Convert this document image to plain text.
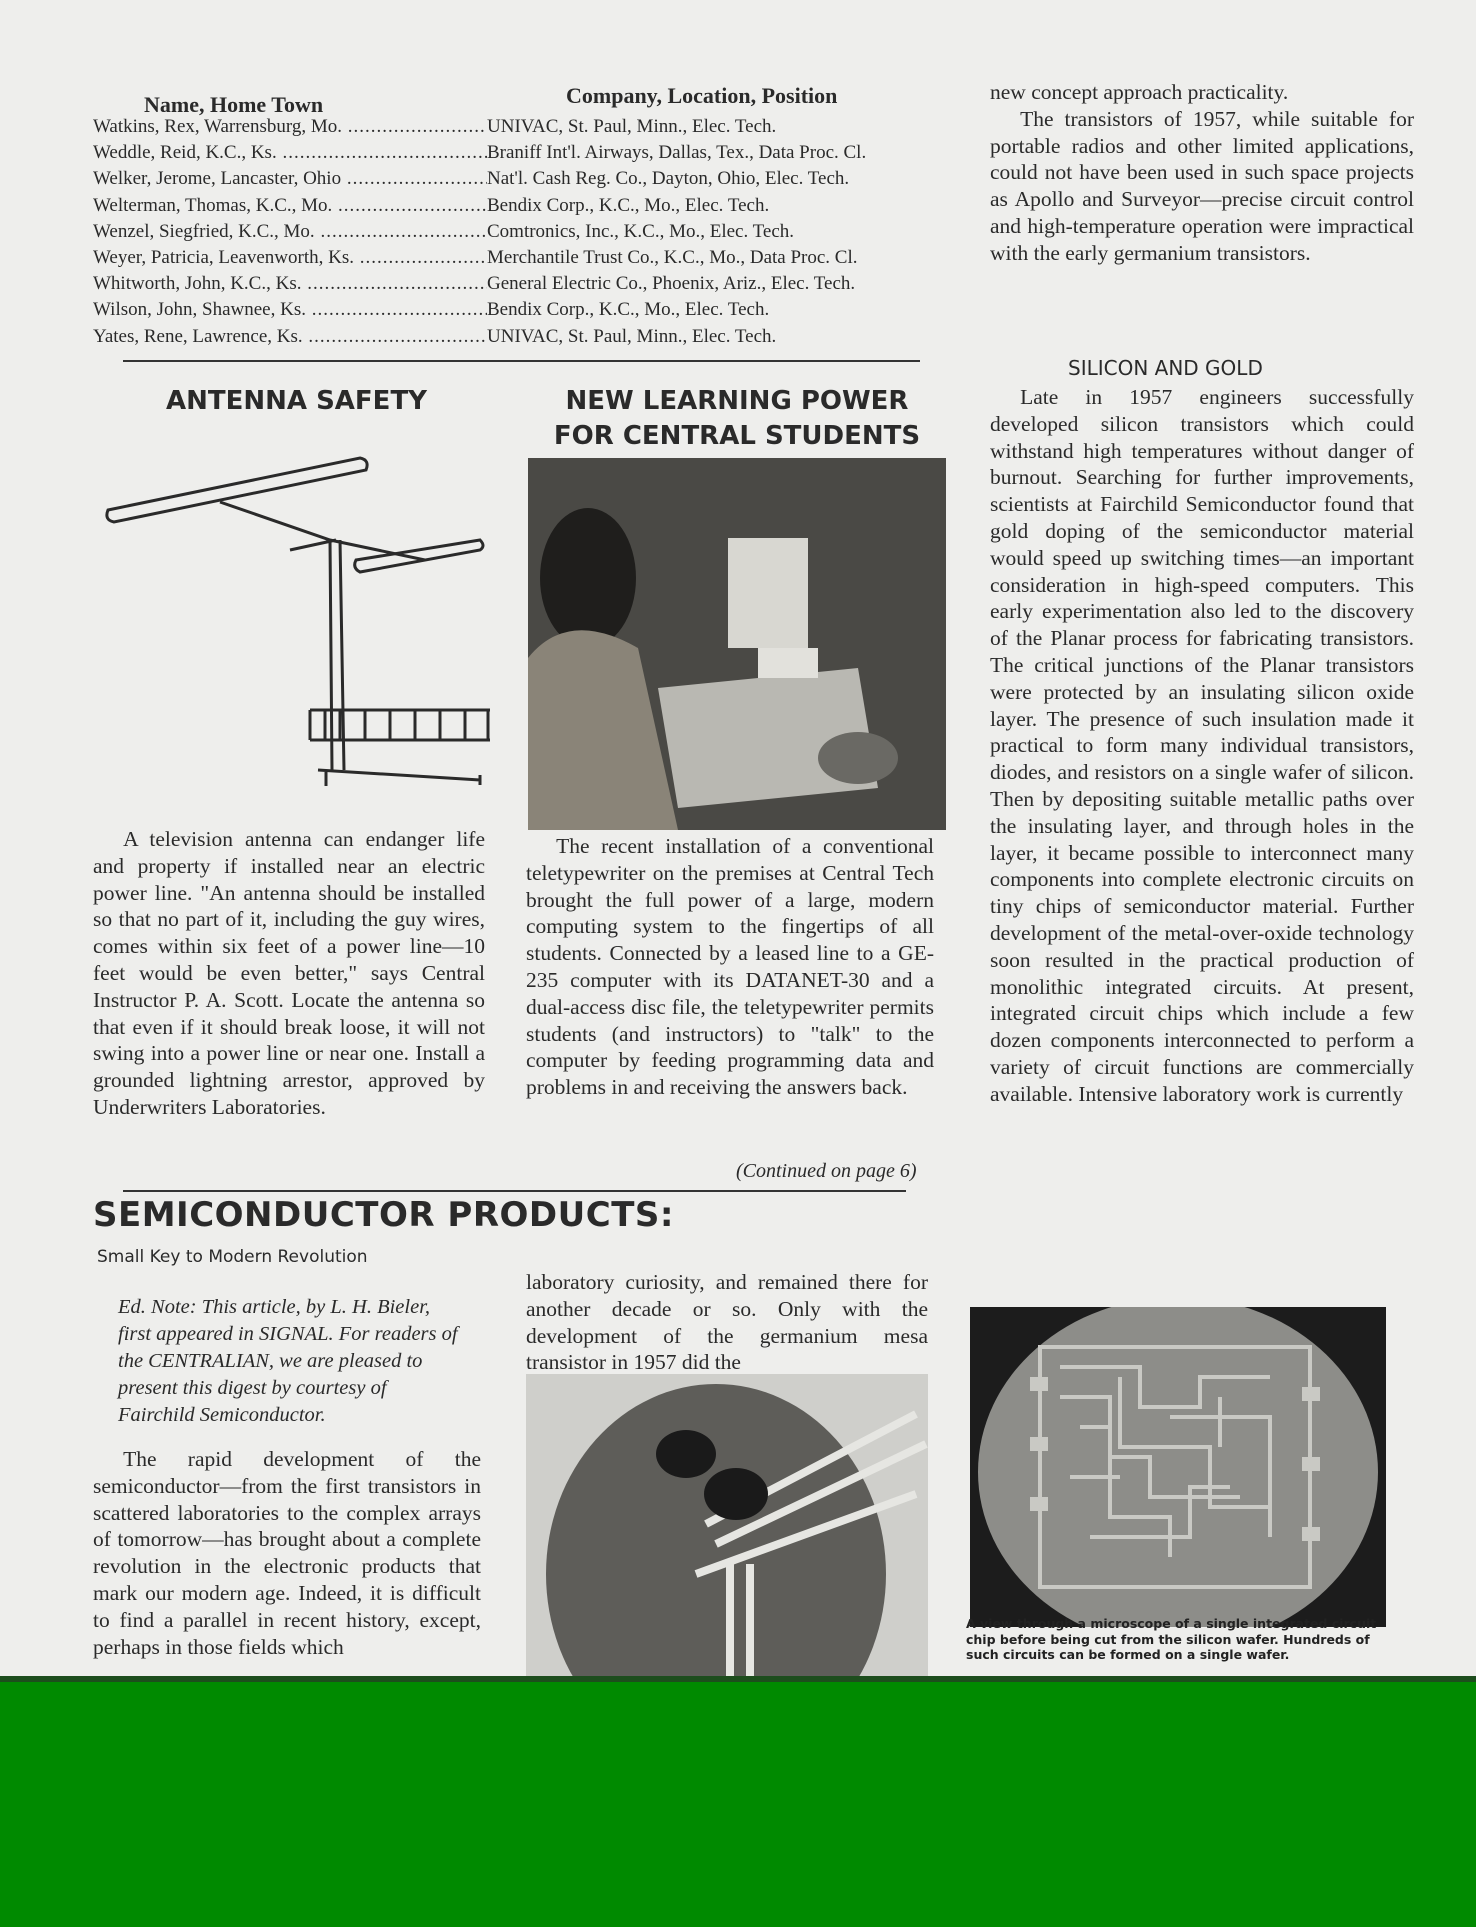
Name, Home Town	Company, Location, Position
Watkins, Rex, Warrensburg, Mo. .....	UNIVAC, St. Paul, Minn., Elec. Tech.
Weddle, Reid, K.C., Ks. .....	Braniff Int'l. Airways, Dallas, Tex., Data Proc. Cl.
Welker, Jerome, Lancaster, Ohio .....	Nat'l. Cash Reg. Co., Dayton, Ohio, Elec. Tech.
Welterman, Thomas, K.C., Mo. .....	Bendix Corp., K.C., Mo., Elec. Tech.
Wenzel, Siegfried, K.C., Mo. .....	Comtronics, Inc., K.C., Mo., Elec. Tech.
Weyer, Patricia, Leavenworth, Ks. .....	Merchantile Trust Co., K.C., Mo., Data Proc. Cl.
Whitworth, John, K.C., Ks. .....	General Electric Co., Phoenix, Ariz., Elec. Tech.
Wilson, John, Shawnee, Ks. .....	Bendix Corp., K.C., Mo., Elec. Tech.
Yates, Rene, Lawrence, Ks. .....	UNIVAC, St. Paul, Minn., Elec. Tech.

new concept approach practicality.

The transistors of 1957, while suitable for portable radios and other limited applications, could not have been used in such space projects as Apollo and Surveyor—precise circuit control and high-temperature operation were impractical with the early germanium transistors.

SILICON AND GOLD

Late in 1957 engineers successfully developed silicon transistors which could withstand high temperatures without danger of burnout. Searching for further improvements, scientists at Fairchild Semiconductor found that gold doping of the semiconductor material would speed up switching times—an important consideration in high-speed computers. This early experimentation also led to the discovery of the Planar process for fabricating transistors. The critical junctions of the Planar transistors were protected by an insulating silicon oxide layer. The presence of such insulation made it practical to form many individual transistors, diodes, and resistors on a single wafer of silicon. Then by depositing suitable metallic paths over the insulating layer, and through holes in the layer, it became possible to interconnect many components into complete electronic circuits on tiny chips of semiconductor material. Further development of the metal-over-oxide technology soon resulted in the practical production of monolithic integrated circuits. At present, integrated circuit chips which include a few dozen components interconnected to perform a variety of circuit functions are commercially available. Intensive laboratory work is currently

A view through a microscope of a single integrated circuit chip before being cut from the silicon wafer. Hundreds of such circuits can be formed on a single wafer.
ANTENNA SAFETY

A television antenna can endanger life and property if installed near an electric power line. "An antenna should be installed so that no part of it, including the guy wires, comes within six feet of a power line—10 feet would be even better," says Central Instructor P. A. Scott. Locate the antenna so that even if it should break loose, it will not swing into a power line or near one. Install a grounded lightning arrestor, approved by Underwriters Laboratories.

NEW LEARNING POWER
FOR CENTRAL STUDENTS

The recent installation of a conventional teletypewriter on the premises at Central Tech brought the full power of a large, modern computing system to the fingertips of all students. Connected by a leased line to a GE-235 computer with its DATANET-30 and a dual-access disc file, the teletypewriter permits students (and instructors) to "talk" to the computer by feeding programming data and problems in and receiving the answers back.

(Continued on page 6)
SEMICONDUCTOR PRODUCTS:
Small Key to Modern Revolution

Ed. Note: This article, by L. H. Bieler, first appeared in SIGNAL. For readers of the CENTRALIAN, we are pleased to present this digest by courtesy of Fairchild Semiconductor.

The rapid development of the semiconductor—from the first transistors in scattered laboratories to the complex arrays of tomorrow—has brought about a complete revolution in the electronic products that mark our modern age. Indeed, it is difficult to find a parallel in recent history, except, perhaps in those fields which

laboratory curiosity, and remained there for another decade or so. Only with the development of the germanium mesa transistor in 1957 did the
